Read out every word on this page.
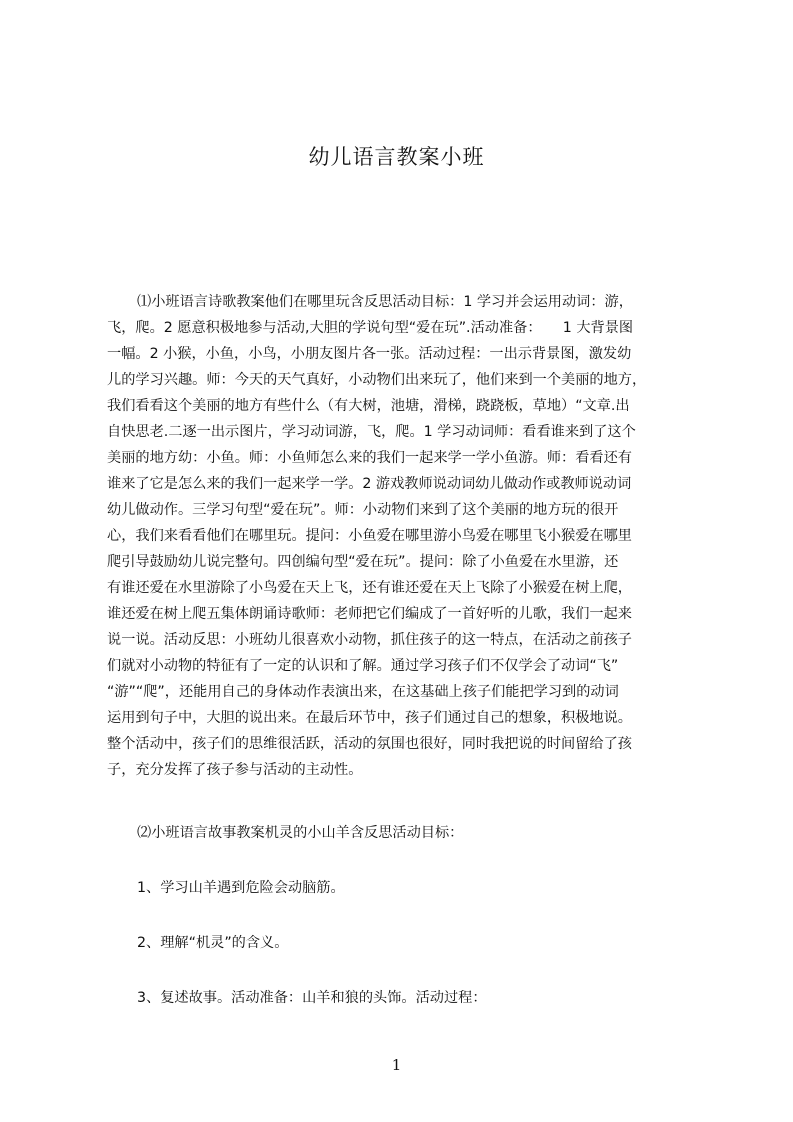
幼儿语言教案小班
⑴小班语言诗歌教案他们在哪里玩含反思活动目标：1 学习并会运用动词：游，
飞，爬。2 愿意积极地参与活动,大胆的学说句型“爱在玩”.活动准备：　　1 大背景图
一幅。2 小猴，小鱼，小鸟，小朋友图片各一张。活动过程：一出示背景图，激发幼
儿的学习兴趣。师：今天的天气真好，小动物们出来玩了，他们来到一个美丽的地方，
我们看看这个美丽的地方有些什么（有大树，池塘，滑梯，跷跷板，草地）“文章.出
自快思老.二逐一出示图片，学习动词游，飞，爬。1 学习动词师：看看谁来到了这个
美丽的地方幼：小鱼。师：小鱼师怎么来的我们一起来学一学小鱼游。师：看看还有
谁来了它是怎么来的我们一起来学一学。2 游戏教师说动词幼儿做动作或教师说动词
幼儿做动作。三学习句型“爱在玩”。师：小动物们来到了这个美丽的地方玩的很开
心，我们来看看他们在哪里玩。提问：小鱼爱在哪里游小鸟爱在哪里飞小猴爱在哪里
爬引导鼓励幼儿说完整句。四创编句型“爱在玩”。提问：除了小鱼爱在水里游，还
有谁还爱在水里游除了小鸟爱在天上飞，还有谁还爱在天上飞除了小猴爱在树上爬，
谁还爱在树上爬五集体朗诵诗歌师：老师把它们编成了一首好听的儿歌，我们一起来
说一说。活动反思：小班幼儿很喜欢小动物，抓住孩子的这一特点，在活动之前孩子
们就对小动物的特征有了一定的认识和了解。通过学习孩子们不仅学会了动词“飞”
“游”“爬”，还能用自己的身体动作表演出来，在这基础上孩子们能把学习到的动词
运用到句子中，大胆的说出来。在最后环节中，孩子们通过自己的想象，积极地说。
整个活动中，孩子们的思维很活跃，活动的氛围也很好，同时我把说的时间留给了孩
子，充分发挥了孩子参与活动的主动性。
⑵小班语言故事教案机灵的小山羊含反思活动目标：
1、学习山羊遇到危险会动脑筋。
2、理解“机灵”的含义。
3、复述故事。活动准备：山羊和狼的头饰。活动过程：
1
